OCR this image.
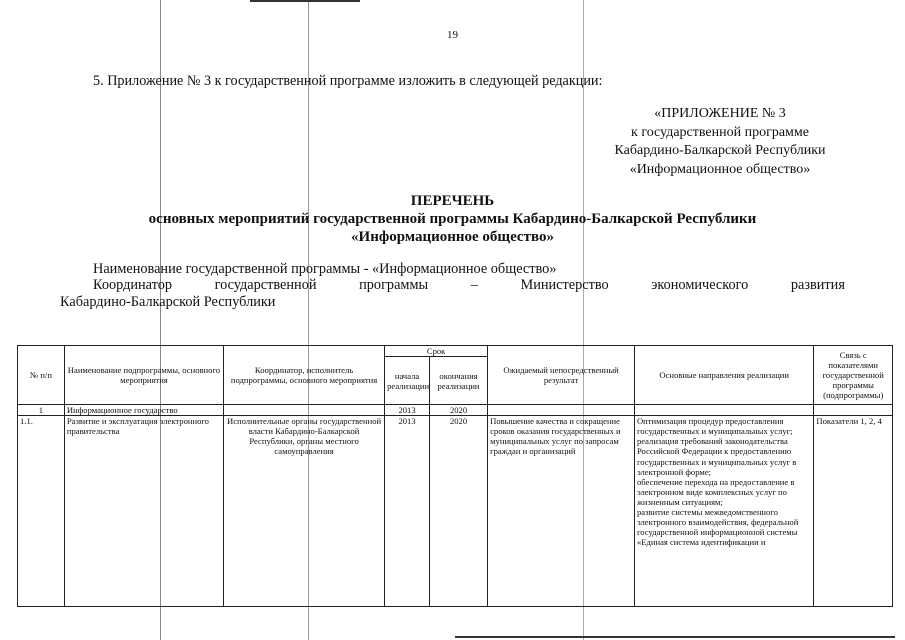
19
5. Приложение № 3 к государственной программе изложить в следующей редакции:
«ПРИЛОЖЕНИЕ № 3
к государственной программе
Кабардино-Балкарской Республики
«Информационное общество»
ПЕРЕЧЕНЬ
основных мероприятий государственной программы Кабардино-Балкарской Республики
«Информационное общество»
Наименование государственной программы - «Информационное общество»
Координатор	государственной	программы	–	Министерство	экономического	развития
Кабардино-Балкарской Республики
№ п/п	Наименование подпрограммы, основного мероприятия	Координатор, исполнитель подпрограммы, основного мероприятия	Срок		Ожидаемый непосредственный результат	Основные направления реализации	Связь с показателями государственной программы (подпрограммы)
			начала реализации	окончания реализации			
1	Информационное государство		2013	2020			
1.1.	Развитие и эксплуатация электронного правительства	Исполнительные органы государственной власти Кабардино-Балкарской Республики, органы местного самоуправления	2013	2020	Повышение качества и сокращение сроков оказания государственных и муниципальных услуг по запросам граждан и организаций	Оптимизация процедур предоставления государственных и муниципальных услуг;
реализация требований законодательства Российской Федерации к предоставлению государственных и муниципальных услуг в электронной форме;
обеспечение перехода на предоставление в электронном виде комплексных услуг по жизненным ситуациям;
развитие системы межведомственного электронного взаимодействия, федеральной государственной информационной системы «Единая система идентификации и	Показатели 1, 2, 4
